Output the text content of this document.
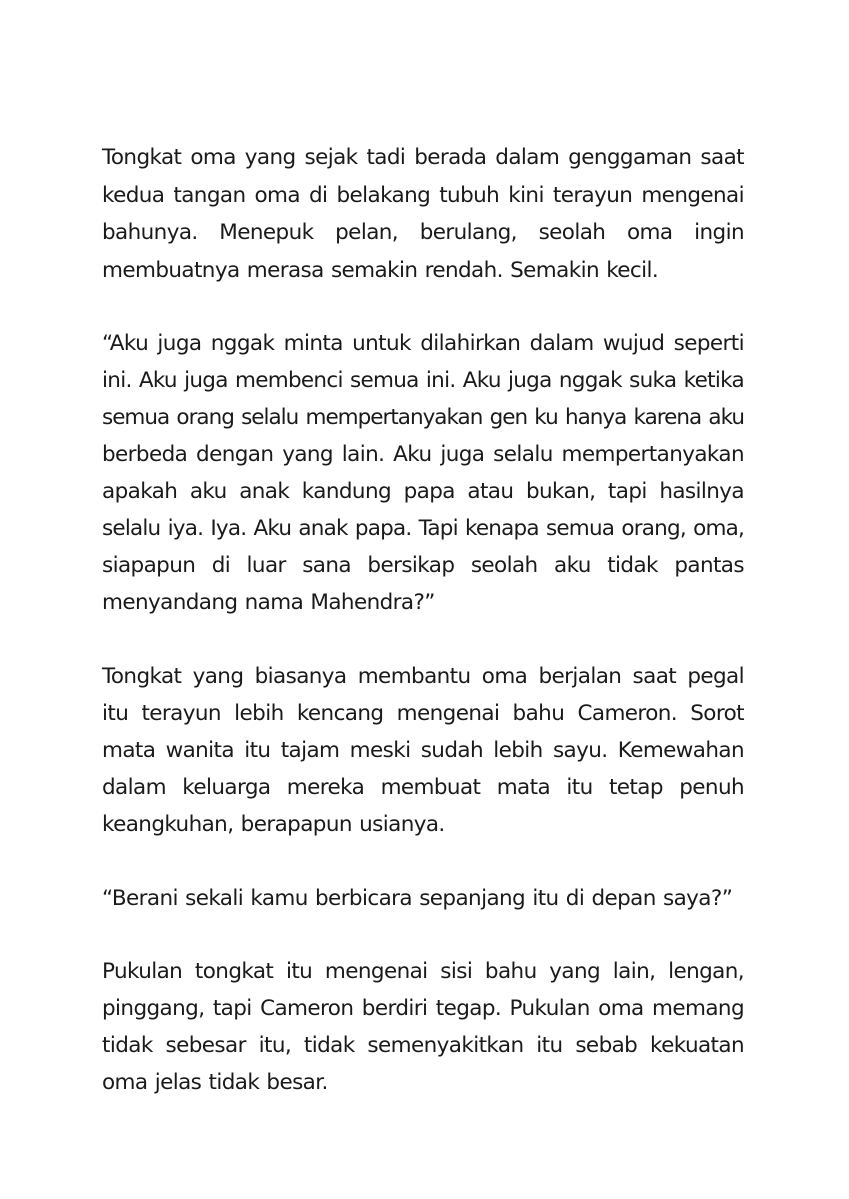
Tongkat oma yang sejak tadi berada dalam genggaman saat

kedua tangan oma di belakang tubuh kini terayun mengenai

bahunya. Menepuk pelan, berulang, seolah oma ingin

membuatnya merasa semakin rendah. Semakin kecil.

“Aku juga nggak minta untuk dilahirkan dalam wujud seperti

ini. Aku juga membenci semua ini. Aku juga nggak suka ketika

semua orang selalu mempertanyakan gen ku hanya karena aku

berbeda dengan yang lain. Aku juga selalu mempertanyakan

apakah aku anak kandung papa atau bukan, tapi hasilnya

selalu iya. Iya. Aku anak papa. Tapi kenapa semua orang, oma,

siapapun di luar sana bersikap seolah aku tidak pantas

menyandang nama Mahendra?”

Tongkat yang biasanya membantu oma berjalan saat pegal

itu terayun lebih kencang mengenai bahu Cameron. Sorot

mata wanita itu tajam meski sudah lebih sayu. Kemewahan

dalam keluarga mereka membuat mata itu tetap penuh

keangkuhan, berapapun usianya.

“Berani sekali kamu berbicara sepanjang itu di depan saya?”

Pukulan tongkat itu mengenai sisi bahu yang lain, lengan,

pinggang, tapi Cameron berdiri tegap. Pukulan oma memang

tidak sebesar itu, tidak semenyakitkan itu sebab kekuatan

oma jelas tidak besar.
